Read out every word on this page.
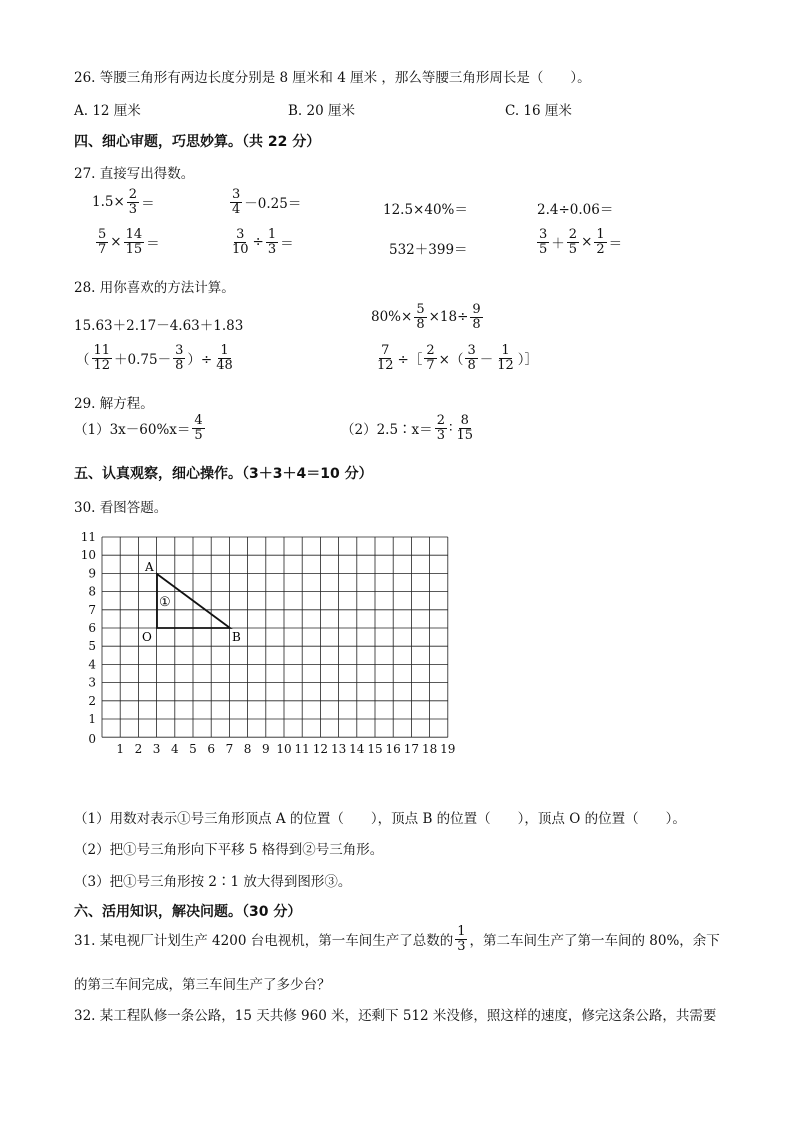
26. 等腰三角形有两边长度分别是 8 厘米和 4 厘米 ，那么等腰三角形周长是（　　）。
A. 12 厘米	B. 20 厘米	C. 16 厘米
四、细心审题，巧思妙算。（共 22 分）
27. 直接写出得数。
$1.5\times \frac{2}{3}$ ＝	$\frac{3}{4} -0.25=$	12.5×40%＝	2.4÷0.06＝
$\frac{5}{7} \times \frac{14}{15}$ ＝	$\frac{3}{10} \div \frac{1}{3}$ ＝	532＋399＝	$\frac{3}{5} + \frac{2}{5} \times \frac{1}{2}$ ＝
28. 用你喜欢的方法计算。
15.63＋2.17－4.63＋1.83
$80\%\times \frac{5}{8} \times 18\div \frac{9}{8}$
（ $\frac{11}{12} +0.75- \frac{3}{8}$ ）÷ $\frac{1}{48}$	$\frac{7}{12}$ ÷［ $\frac{2}{7}$ ×（ $\frac{3}{8} - \frac{1}{12}$ ）］
29. 解方程。
$(1)3x-60\%x= \frac{4}{5}$	（2）2.5∶x＝ $\frac{2}{3}$ ∶ $\frac{8}{15}$
五、认真观察，细心操作。（3＋3＋4＝10 分）
30. 看图答题。
1 2 3 4 5 6 7 8 9 10 11 12 13 14 15 16 17 18 19
0
1
2
3
4
5
6
7
8
9
10
11
A
B
O
①
（1）用数对表示①号三角形顶点 A 的位置（　　），顶点 B 的位置（　　），顶点 O 的位置（　　）。
（2）把①号三角形向下平移 5 格得到②号三角形。
（3）把①号三角形按 2∶1 放大得到图形③。
六、活用知识，解决问题。（30 分）
31. 某电视厂计划生产 4200 台电视机，第一车间生产了总数的 $\frac{1}{3}$ ，第二车间生产了第一车间的 80%，余下
的第三车间完成，第三车间生产了多少台？
32. 某工程队修一条公路，15 天共修 960 米，还剩下 512 米没修，照这样的速度，修完这条公路，共需要
